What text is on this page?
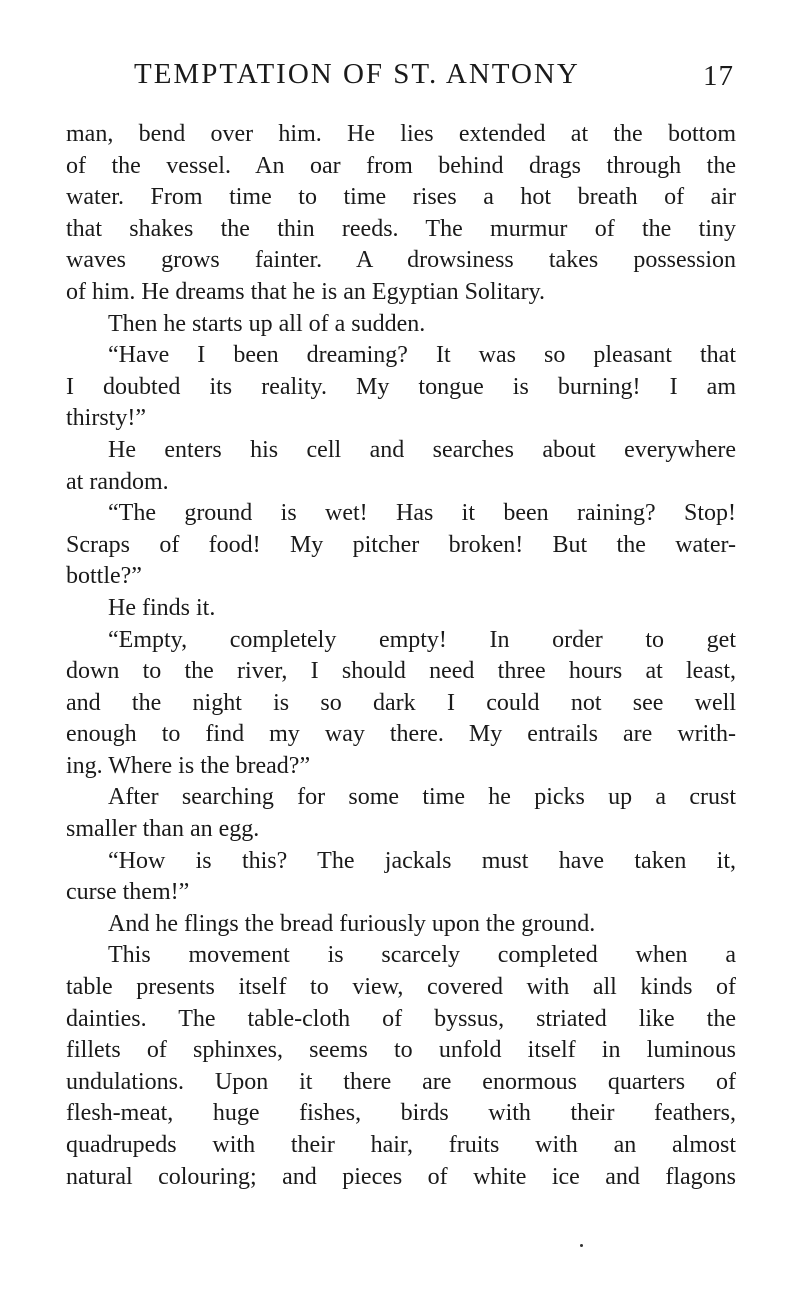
TEMPTATION OF ST. ANTONY	17
man, bend over him. He lies extended at the bottom
of the vessel. An oar from behind drags through the
water. From time to time rises a hot breath of air
that shakes the thin reeds. The murmur of the tiny
waves grows fainter. A drowsiness takes possession
of him. He dreams that he is an Egyptian Solitary.
Then he starts up all of a sudden.
“Have I been dreaming? It was so pleasant that
I doubted its reality. My tongue is burning! I am
thirsty!”
He enters his cell and searches about everywhere
at random.
“The ground is wet! Has it been raining? Stop!
Scraps of food! My pitcher broken! But the water-
bottle?”
He finds it.
“Empty, completely empty! In order to get
down to the river, I should need three hours at least,
and the night is so dark I could not see well
enough to find my way there. My entrails are writh-
ing. Where is the bread?”
After searching for some time he picks up a crust
smaller than an egg.
“How is this? The jackals must have taken it,
curse them!”
And he flings the bread furiously upon the ground.
This movement is scarcely completed when a
table presents itself to view, covered with all kinds of
dainties. The table-cloth of byssus, striated like the
fillets of sphinxes, seems to unfold itself in luminous
undulations. Upon it there are enormous quarters of
flesh-meat, huge fishes, birds with their feathers,
quadrupeds with their hair, fruits with an almost
natural colouring; and pieces of white ice and flagons
